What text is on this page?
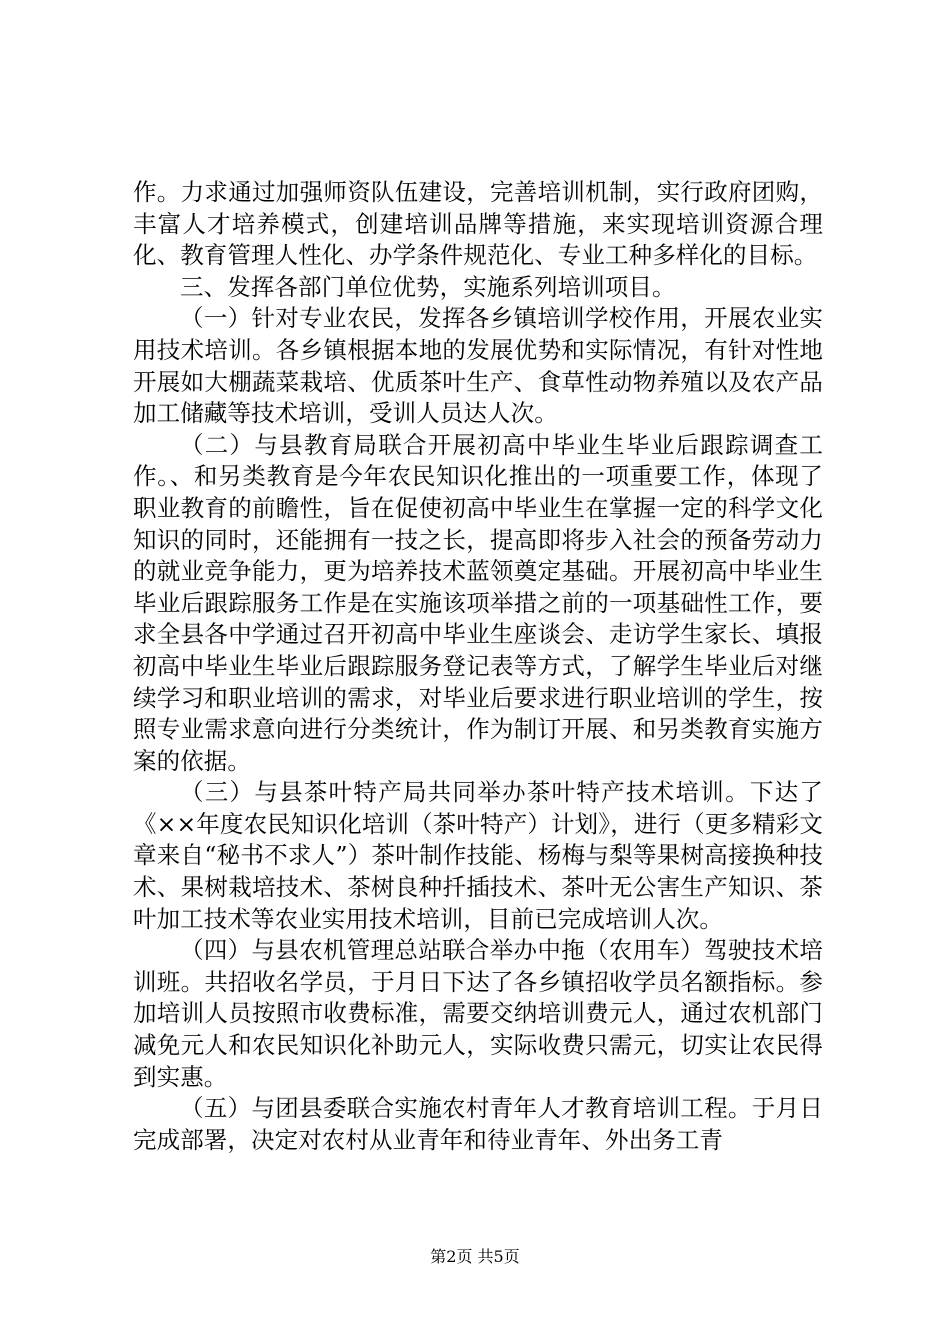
作。力求通过加强师资队伍建设，完善培训机制，实行政府团购，丰富人才培养模式，创建培训品牌等措施，来实现培训资源合理化、教育管理人性化、办学条件规范化、专业工种多样化的目标。

三、发挥各部门单位优势，实施系列培训项目。

（一）针对专业农民，发挥各乡镇培训学校作用，开展农业实用技术培训。各乡镇根据本地的发展优势和实际情况，有针对性地开展如大棚蔬菜栽培、优质茶叶生产、食草性动物养殖以及农产品加工储藏等技术培训，受训人员达人次。

（二）与县教育局联合开展初高中毕业生毕业后跟踪调查工作。、和另类教育是今年农民知识化推出的一项重要工作，体现了职业教育的前瞻性，旨在促使初高中毕业生在掌握一定的科学文化知识的同时，还能拥有一技之长，提高即将步入社会的预备劳动力的就业竞争能力，更为培养技术蓝领奠定基础。开展初高中毕业生毕业后跟踪服务工作是在实施该项举措之前的一项基础性工作，要求全县各中学通过召开初高中毕业生座谈会、走访学生家长、填报初高中毕业生毕业后跟踪服务登记表等方式，了解学生毕业后对继续学习和职业培训的需求，对毕业后要求进行职业培训的学生，按照专业需求意向进行分类统计，作为制订开展、和另类教育实施方案的依据。

（三）与县茶叶特产局共同举办茶叶特产技术培训。下达了《××年度农民知识化培训（茶叶特产）计划》，进行（更多精彩文章来自“秘书不求人”）茶叶制作技能、杨梅与梨等果树高接换种技术、果树栽培技术、茶树良种扦插技术、茶叶无公害生产知识、茶叶加工技术等农业实用技术培训，目前已完成培训人次。

（四）与县农机管理总站联合举办中拖（农用车）驾驶技术培训班。共招收名学员，于月日下达了各乡镇招收学员名额指标。参加培训人员按照市收费标准，需要交纳培训费元人，通过农机部门减免元人和农民知识化补助元人，实际收费只需元，切实让农民得到实惠。

（五）与团县委联合实施农村青年人才教育培训工程。于月日完成部署，决定对农村从业青年和待业青年、外出务工青

第2页 共5页
